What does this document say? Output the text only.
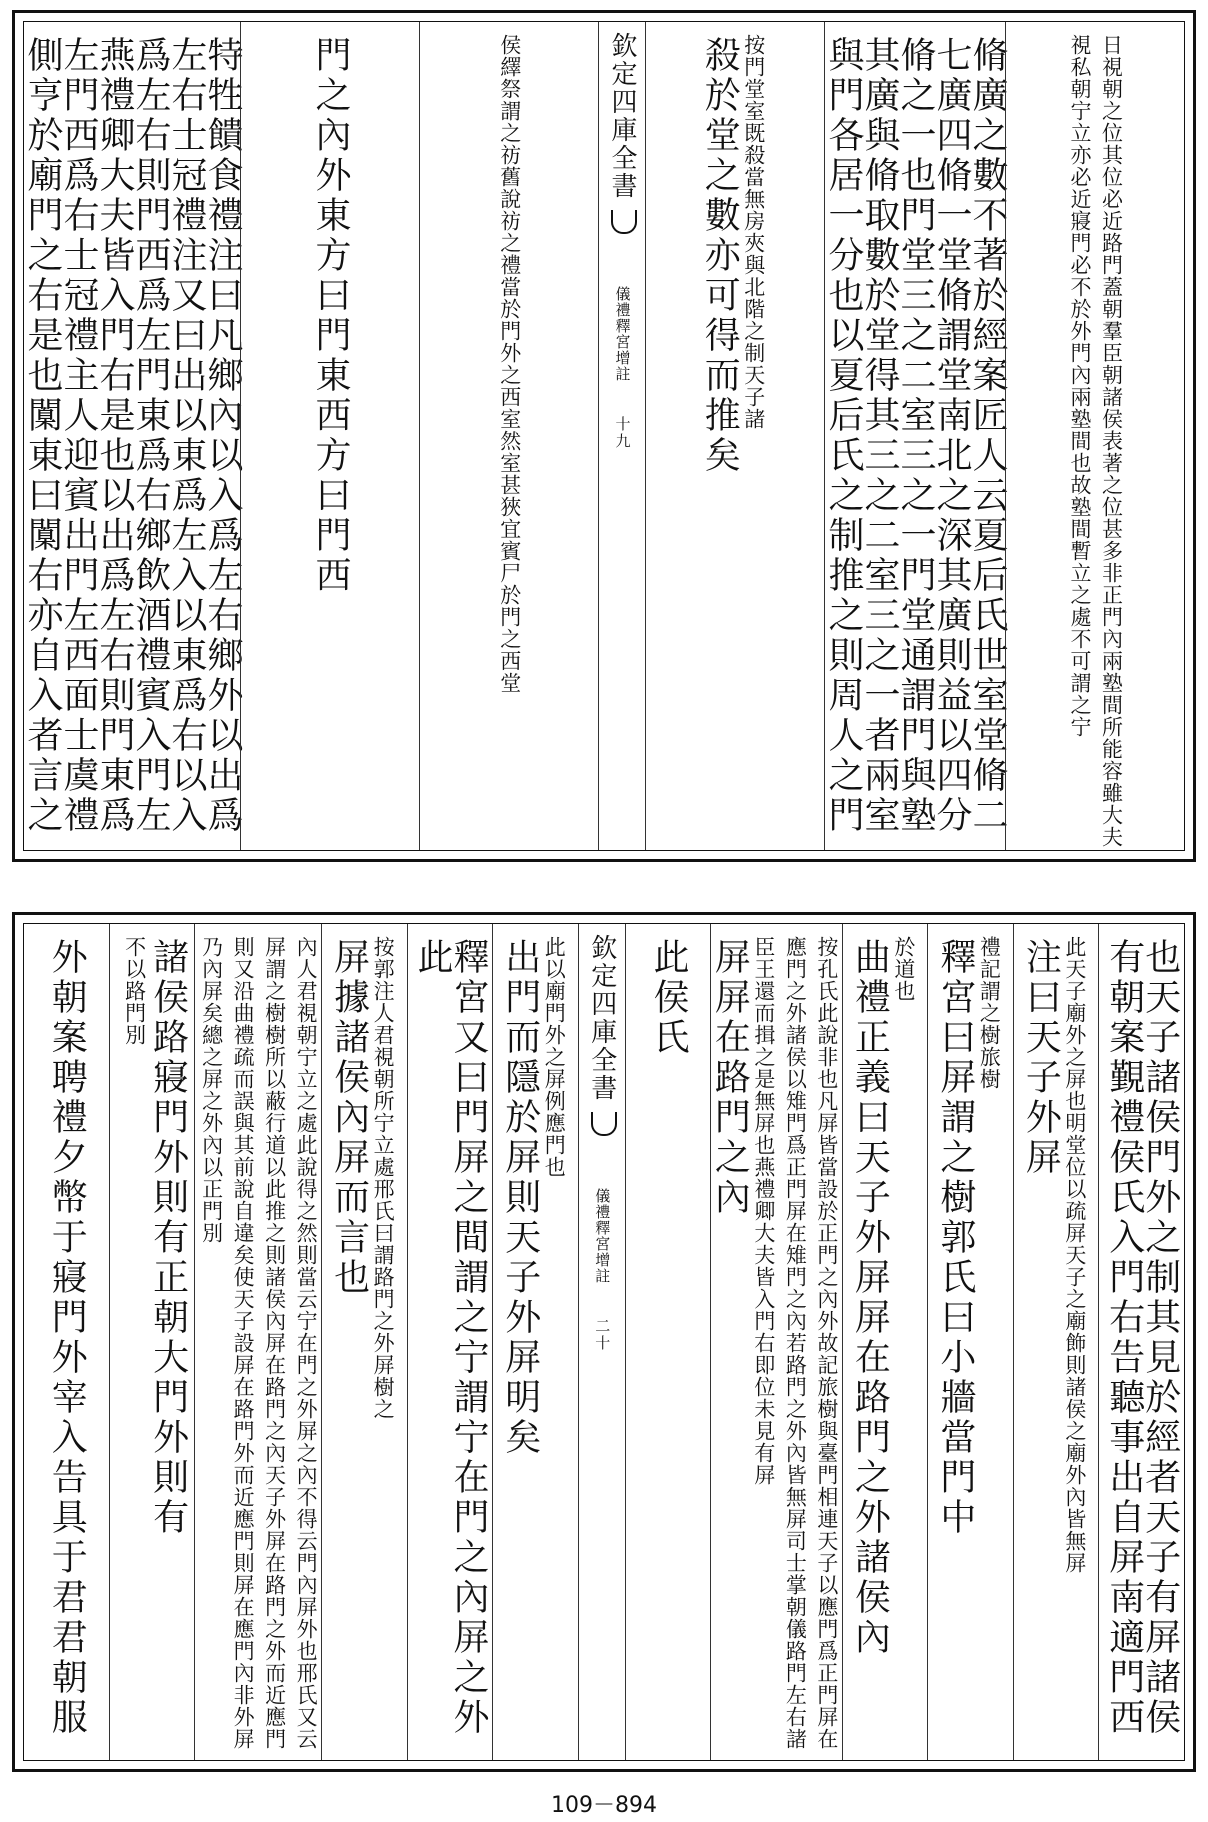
日視朝之位其位必近路門蓋朝羣臣朝諸侯表著之位甚多非正門內兩塾間所能容雖大夫視私朝宁立亦必近寢門必不於外門內兩塾間也故塾間暫立之處不可謂之宁
脩廣之數不著於經案匠人云夏后氏世室堂脩二七廣四脩一堂脩謂堂南北之深其廣則益以四分脩之一也門堂三之二室三之一門堂通謂門與塾其廣與脩取數於堂得其三之二室三之一者兩室與門各居一分也以夏后氏之制推之則周人之門
殺於堂之數亦可得而推矣 按門堂室既殺當無房夾與北階之制天子諸
欽定四庫全書
儀禮釋宮增註
十九
侯繹祭謂之祊舊說祊之禮當於門外之西室然室甚狹宜賓尸於門之西堂
門之內外東方曰門東西方曰門西
特牲饋食禮注曰凡鄉內以入爲左右鄉外以出爲左右士冠禮注又曰出以東爲左入以東爲右以入爲左右則門西爲左門東爲右鄉飲酒禮賓入門左燕禮卿大夫皆入門右是也以出爲左右則門東爲左門西爲右士冠禮主人迎賓出門左西面士虞禮側亨於廟門之右是也闑東曰闑右亦自入者言之
也天子諸侯門外之制其見於經者天子有屏諸侯有朝案覲禮侯氏入門右告聽事出自屏南適門西
注曰天子外屏 此天子廟外之屏也明堂位以疏屏天子之廟飾則諸侯之廟外內皆無屏
釋宮曰屏謂之樹郭氏曰小牆當門中 禮記謂之樹旅樹
曲禮正義曰天子外屏屏在路門之外諸侯內 於道也
屏屏在路門之內	按孔氏此說非也凡屏皆當設於正門之內外故記旅樹與臺門相連天子以應門爲正門屏在應門之外諸侯以雉門爲正門屏在雉門之內若路門之外內皆無屏司士掌朝儀路門左右諸臣王還而揖之是無屏也燕禮卿大夫皆入門右即位未見有屏
此侯氏
欽定四庫全書
儀禮釋宮增註
二十
出門而隱於屏則天子外屏明矣 此以廟門外之屏例應門也
釋宮又曰門屏之間謂之宁謂宁在門之內屏之外此
屏據諸侯內屏而言也 按郭注人君視朝所宁立處邢氏曰謂路門之外屏樹之
內人君視朝宁立之處此說得之然則當云宁在門之外屏之內不得云門內屏外也邢氏又云屏謂之樹樹所以蔽行道以此推之則諸侯內屏在路門之內天子外屏在路門之外而近應門則又沿曲禮疏而誤與其前說自違矣使天子設屏在路門外而近應門則屏在應門內非外屏乃內屏矣總之屏之外內以正門別
不以路門別 諸侯路寢門外則有正朝大門外則有
外朝案聘禮夕幣于寢門外宰入告具于君君朝服
109－894
